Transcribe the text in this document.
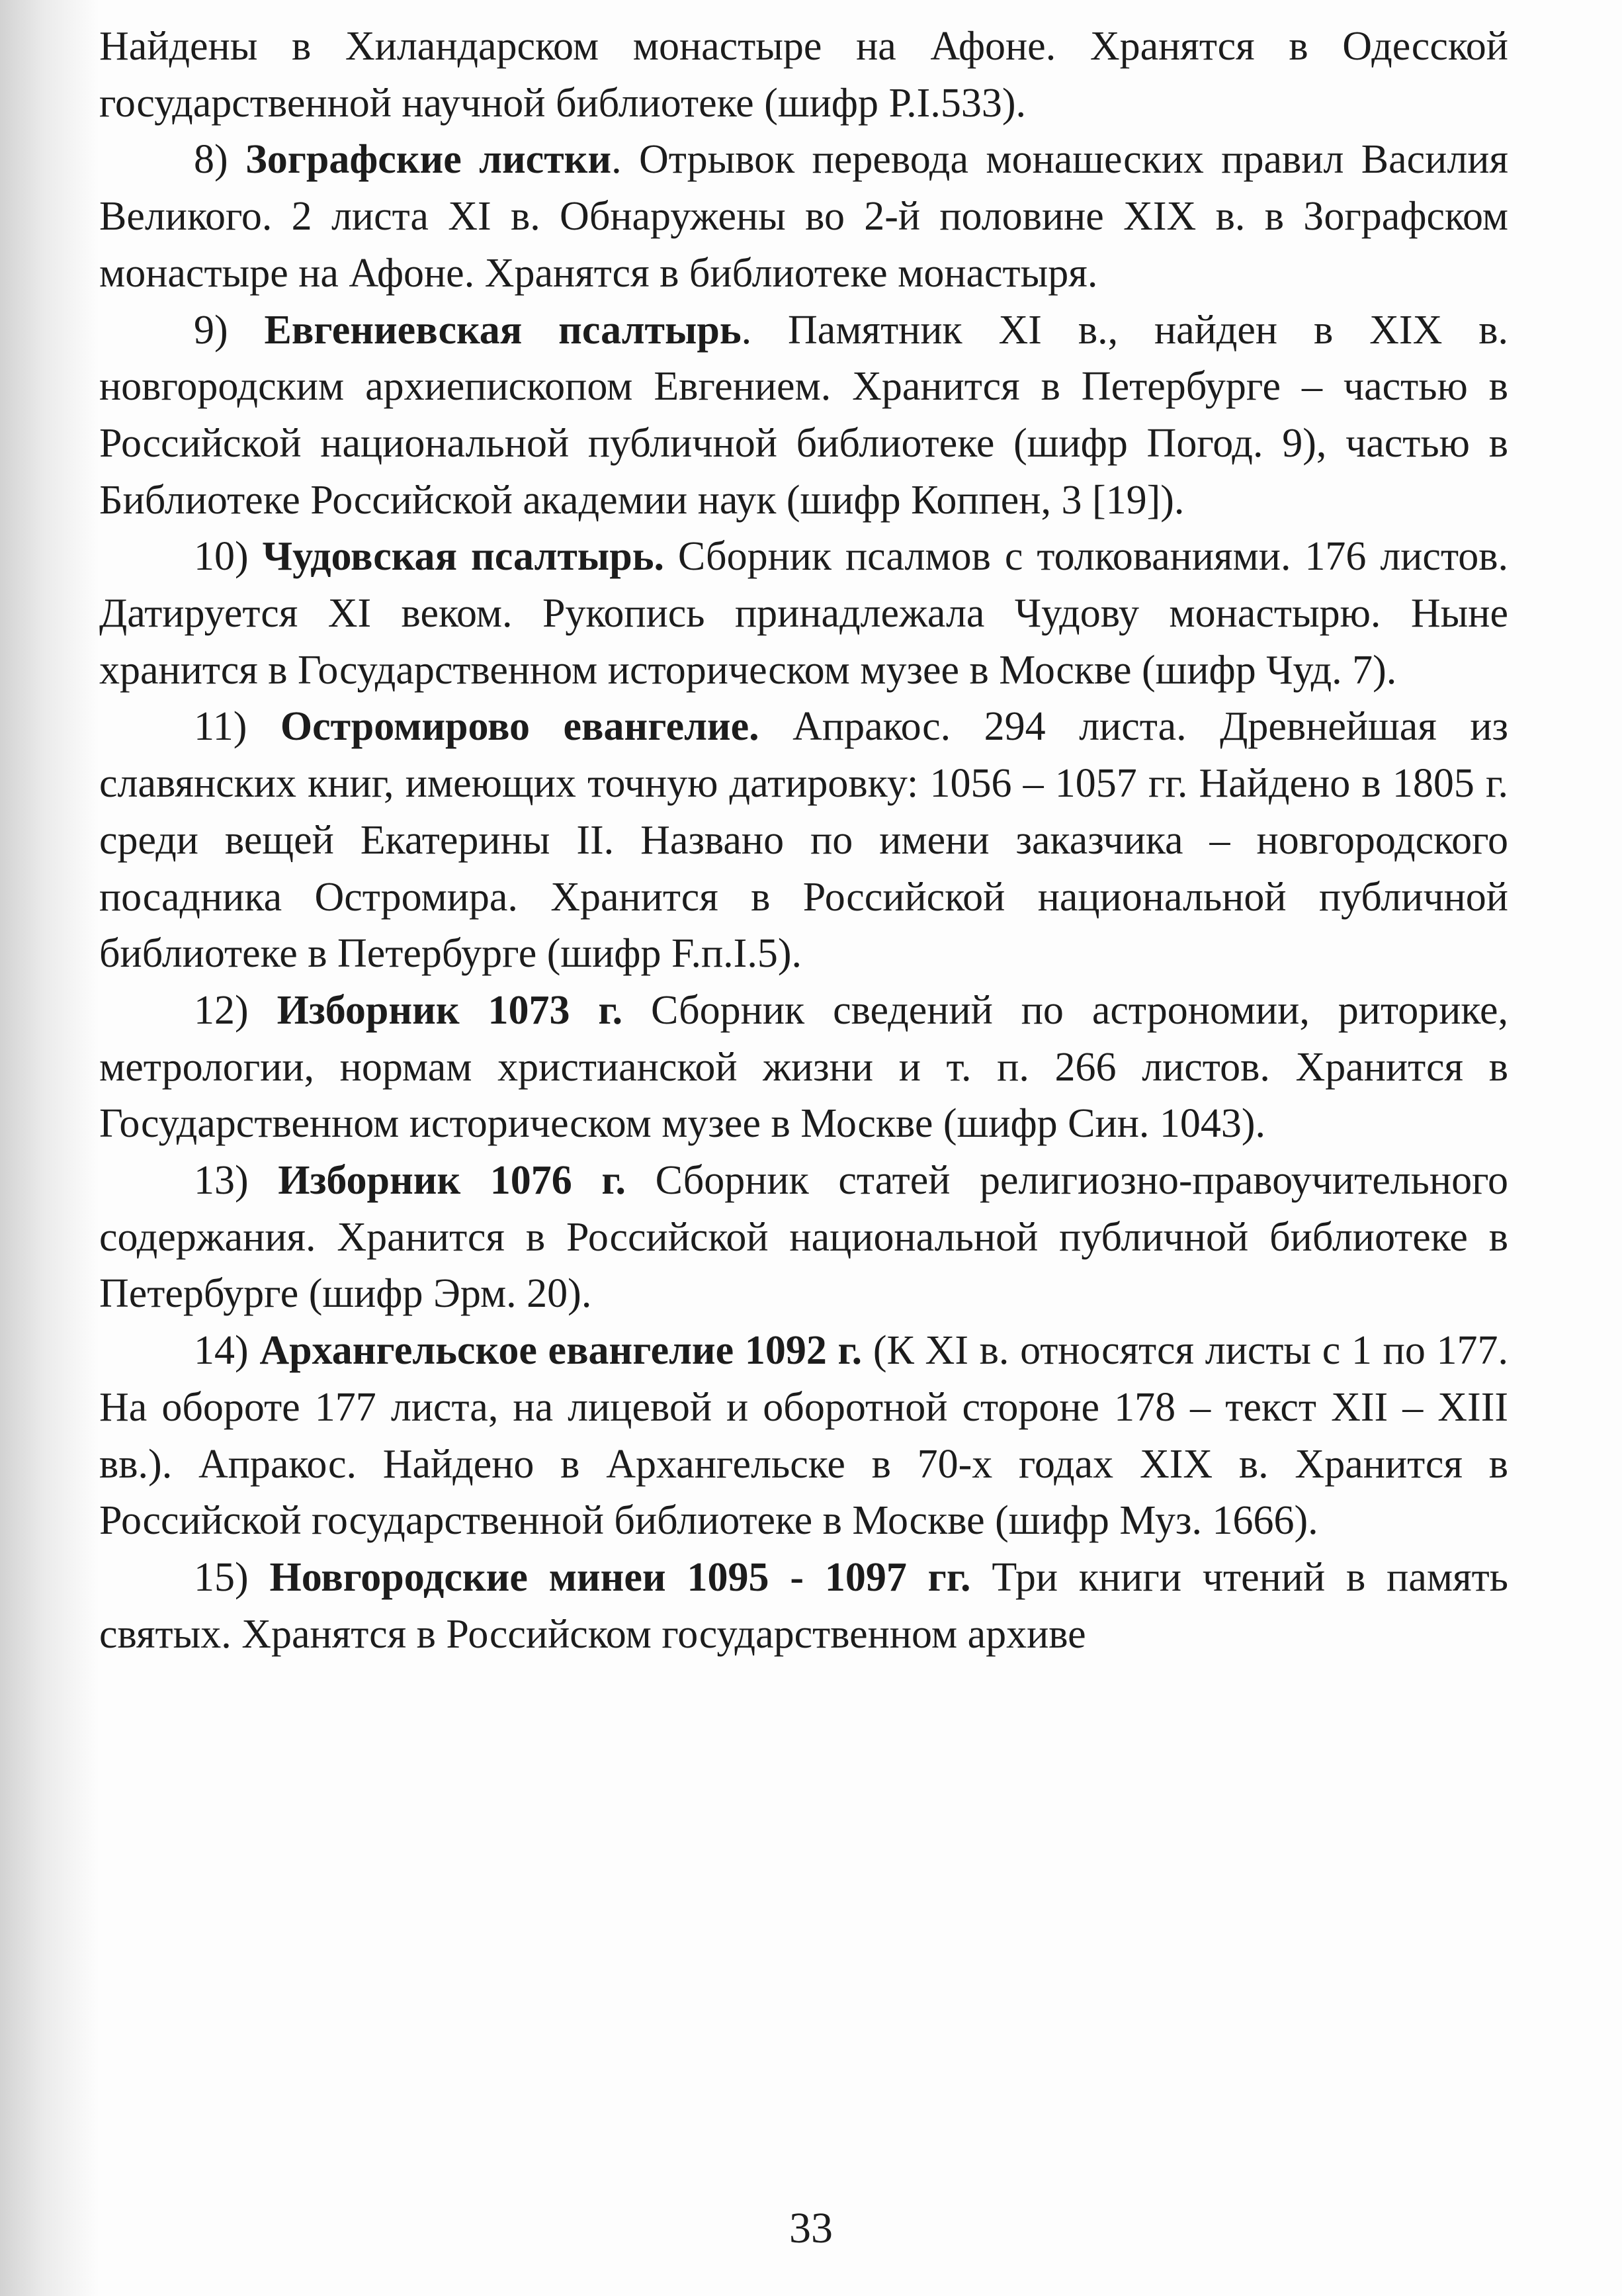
Найдены в Хиландарском монастыре на Афоне. Хранятся в Одесской государственной научной библиотеке (шифр Р.І.533).

8) Зографские листки. Отрывок перевода монашеских правил Василия Великого. 2 листа XI в. Обнаружены во 2-й половине XIX в. в Зографском монастыре на Афоне. Хранятся в библиотеке монастыря.

9) Евгениевская псалтырь. Памятник XI в., найден в XIX в. новгородским архиепископом Евгением. Хранится в Петербурге – частью в Российской национальной публичной библиотеке (шифр Погод. 9), частью в Библиотеке Российской академии наук (шифр Коппен, 3 [19]).

10) Чудовская псалтырь. Сборник псалмов с толкованиями. 176 листов. Датируется XI веком. Рукопись принадлежала Чудову монастырю. Ныне хранится в Государственном историческом музее в Москве (шифр Чуд. 7).

11) Остромирово евангелие. Апракос. 294 листа. Древнейшая из славянских книг, имеющих точную датировку: 1056 – 1057 гг. Найдено в 1805 г. среди вещей Екатерины II. Названо по имени заказчика – новгородского посадника Остромира. Хранится в Российской национальной публичной библиотеке в Петербурге (шифр F.п.I.5).

12) Изборник 1073 г. Сборник сведений по астрономии, риторике, метрологии, нормам христианской жизни и т. п. 266 листов. Хранится в Государственном историческом музее в Москве (шифр Син. 1043).

13) Изборник 1076 г. Сборник статей религиозно-правоучительного содержания. Хранится в Российской национальной публичной библиотеке в Петербурге (шифр Эрм. 20).

14) Архангельское евангелие 1092 г. (К XI в. относятся листы с 1 по 177. На обороте 177 листа, на лицевой и оборотной стороне 178 – текст XII – XIII вв.). Апракос. Найдено в Архангельске в 70-х годах XIX в. Хранится в Российской государственной библиотеке в Москве (шифр Муз. 1666).

15) Новгородские минеи 1095 - 1097 гг. Три книги чтений в память святых. Хранятся в Российском государственном архиве

33
